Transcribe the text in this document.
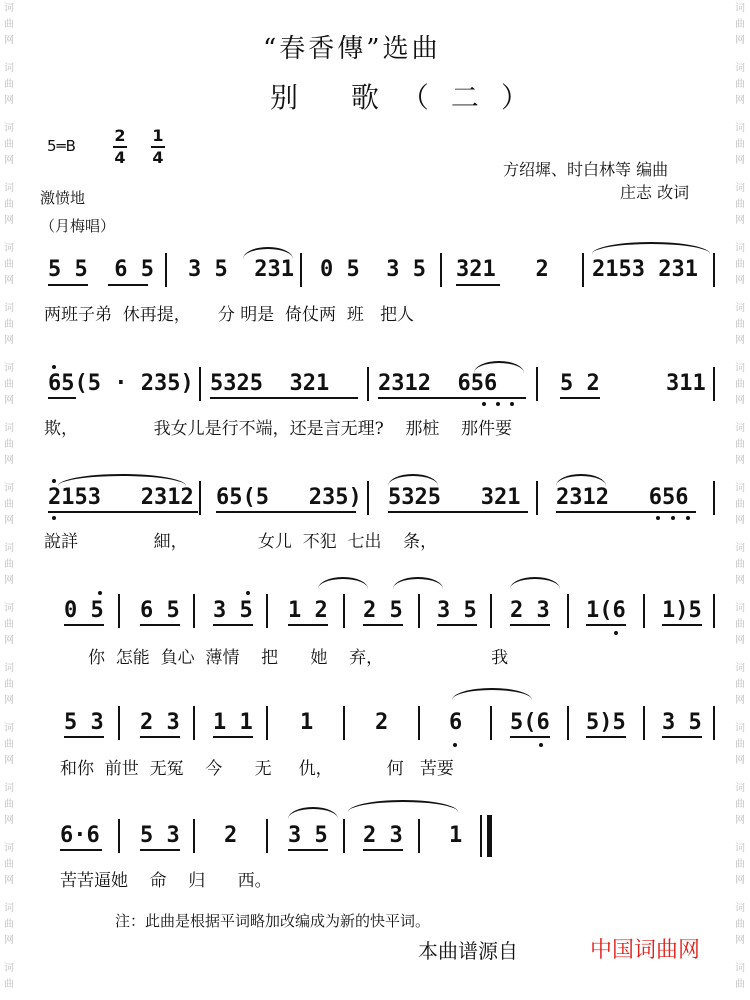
词
曲
网
词
曲
网
词
曲
网
词
曲
网
词
曲
网
词
曲
网
词
曲
网
词
曲
网
词
曲
网
词
曲
网
词
曲
网
词
曲
网
词
曲
网
词
曲
网
词
曲
网
词
曲
网
词
曲
词
曲
网
词
曲
网
词
曲
网
词
曲
网
词
曲
网
词
曲
网
词
曲
网
词
曲
网
词
曲
网
词
曲
网
词
曲
网
词
曲
网
词
曲
网
词
曲
网
词
曲
网
词
曲
网
词
曲
“春香傳”选曲
别 歌（二）
5═B
2
4
1
4
方绍墀、时白林等 编曲
庄志 改词
激愤地
（月梅唱）
5 5  6 5 3 5  231 0 5  3 5 321   2 2153 231
两班子弟  休再提，     分 明是  倚仗两  班   把人
65(5 · 235) 5325  321 2312  656	5 2     311
欺，              我女儿是行不端，还是言无理?    那桩    那件要
2153   2312 65(5   235) 5325   321 2312   656
說詳              細，             女儿  不犯  七出    条，
0 5 6 5 3 5 1 2 2 5 3 5 2 3 1(6 1)5
你  怎能  負心  薄情    把      她    弃，                    我
5 3 2 3 1 1 1	2	6 5(6 5)5 3 5
和你  前世  无冤    今      无     仇，          何   苦要
6·6 5 3 2 3 5 2 3 1
苦苦逼她    命    归      西。
注：此曲是根据平词略加改编成为新的快平词。
本曲谱源自	中国词曲网
